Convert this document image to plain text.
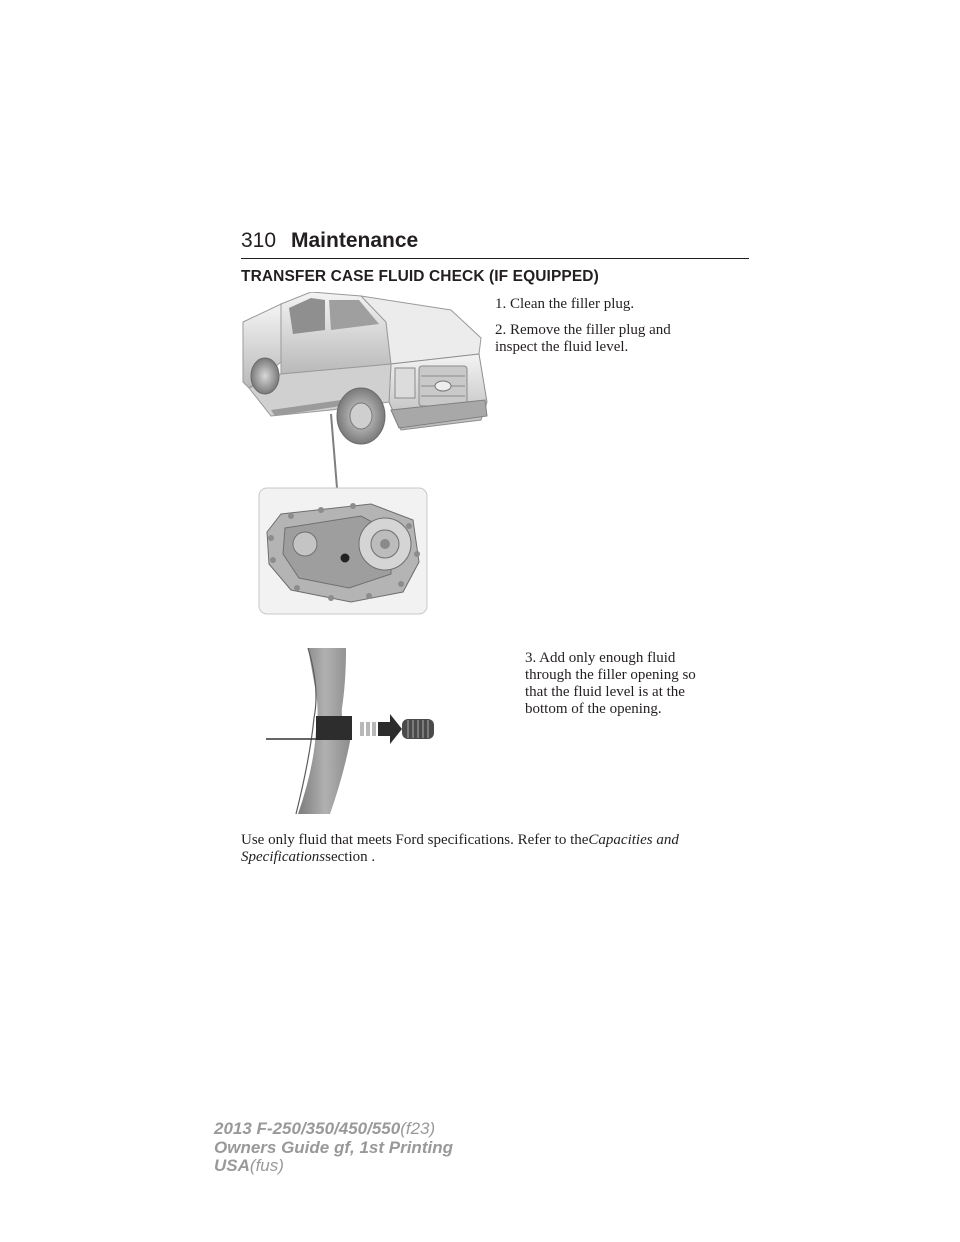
310 Maintenance
TRANSFER CASE FLUID CHECK (IF EQUIPPED)
1. Clean the filler plug.
2. Remove the filler plug and
inspect the fluid level.
3. Add only enough fluid
through the filler opening so
that the fluid level is at the
bottom of the opening.

Use only fluid that meets Ford specifications. Refer to theCapacities and Specificationssection .

2013 F-250/350/450/550(f23)
Owners Guide gf, 1st Printing
USA(fus)
